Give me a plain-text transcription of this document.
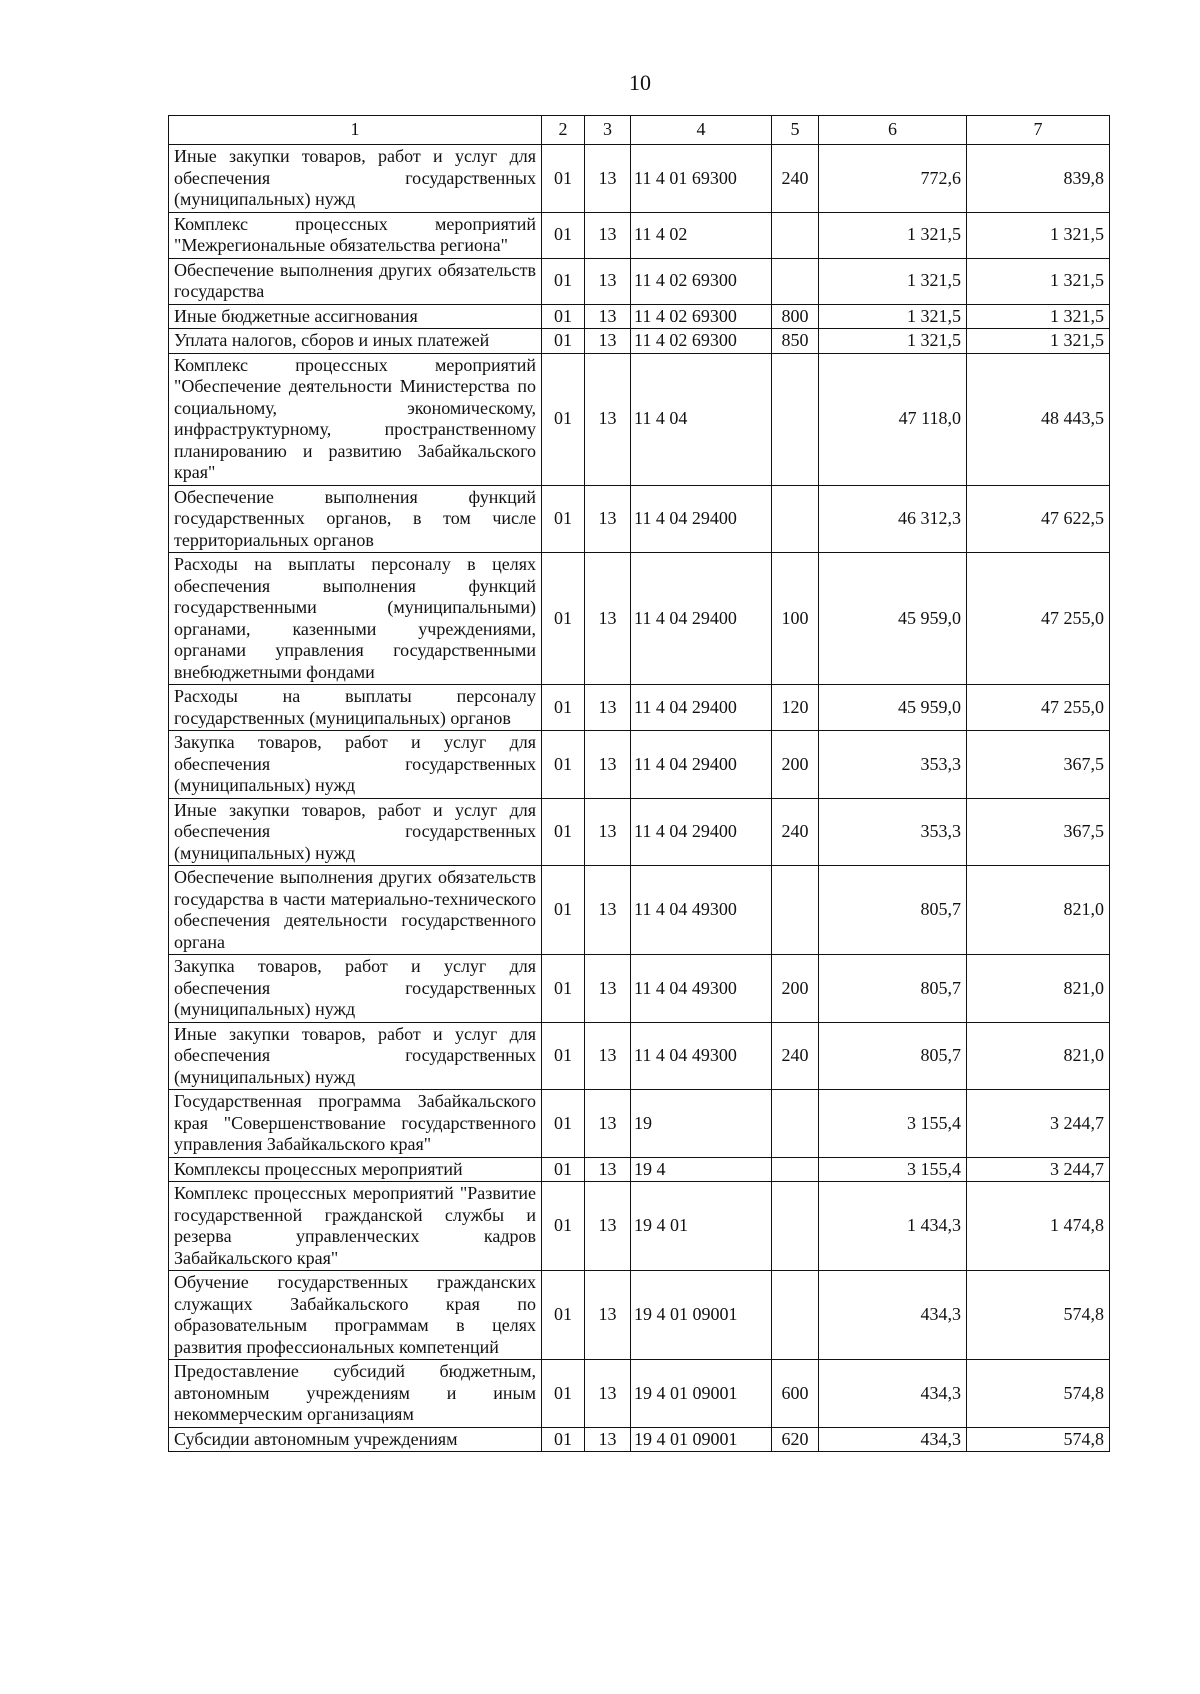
10
1	2	3	4	5	6	7
Иные закупки товаров, работ и услуг для обеспечения государственных (муниципальных) нужд	01	13	11 4 01 69300	240	772,6	839,8
Комплекс процессных мероприятий "Межрегиональные обязательства региона"	01	13	11 4 02		1 321,5	1 321,5
Обеспечение выполнения других обязательств государства	01	13	11 4 02 69300		1 321,5	1 321,5
Иные бюджетные ассигнования	01	13	11 4 02 69300	800	1 321,5	1 321,5
Уплата налогов, сборов и иных платежей	01	13	11 4 02 69300	850	1 321,5	1 321,5
Комплекс процессных мероприятий "Обеспечение деятельности Министерства по социальному, экономическому, инфраструктурному, пространственному планированию и развитию Забайкальского края"	01	13	11 4 04		47 118,0	48 443,5
Обеспечение выполнения функций государственных органов, в том числе территориальных органов	01	13	11 4 04 29400		46 312,3	47 622,5
Расходы на выплаты персоналу в целях обеспечения выполнения функций государственными (муниципальными) органами, казенными учреждениями, органами управления государственными внебюджетными фондами	01	13	11 4 04 29400	100	45 959,0	47 255,0
Расходы на выплаты персоналу государственных (муниципальных) органов	01	13	11 4 04 29400	120	45 959,0	47 255,0
Закупка товаров, работ и услуг для обеспечения государственных (муниципальных) нужд	01	13	11 4 04 29400	200	353,3	367,5
Иные закупки товаров, работ и услуг для обеспечения государственных (муниципальных) нужд	01	13	11 4 04 29400	240	353,3	367,5
Обеспечение выполнения других обязательств государства в части материально-технического обеспечения деятельности государственного органа	01	13	11 4 04 49300		805,7	821,0
Закупка товаров, работ и услуг для обеспечения государственных (муниципальных) нужд	01	13	11 4 04 49300	200	805,7	821,0
Иные закупки товаров, работ и услуг для обеспечения государственных (муниципальных) нужд	01	13	11 4 04 49300	240	805,7	821,0
Государственная программа Забайкальского края "Совершенствование государственного управления Забайкальского края"	01	13	19		3 155,4	3 244,7
Комплексы процессных мероприятий	01	13	19 4		3 155,4	3 244,7
Комплекс процессных мероприятий "Развитие государственной гражданской службы и резерва управленческих кадров Забайкальского края"	01	13	19 4 01		1 434,3	1 474,8
Обучение государственных гражданских служащих Забайкальского края по образовательным программам в целях развития профессиональных компетенций	01	13	19 4 01 09001		434,3	574,8
Предоставление субсидий бюджетным, автономным учреждениям и иным некоммерческим организациям	01	13	19 4 01 09001	600	434,3	574,8
Субсидии автономным учреждениям	01	13	19 4 01 09001	620	434,3	574,8
